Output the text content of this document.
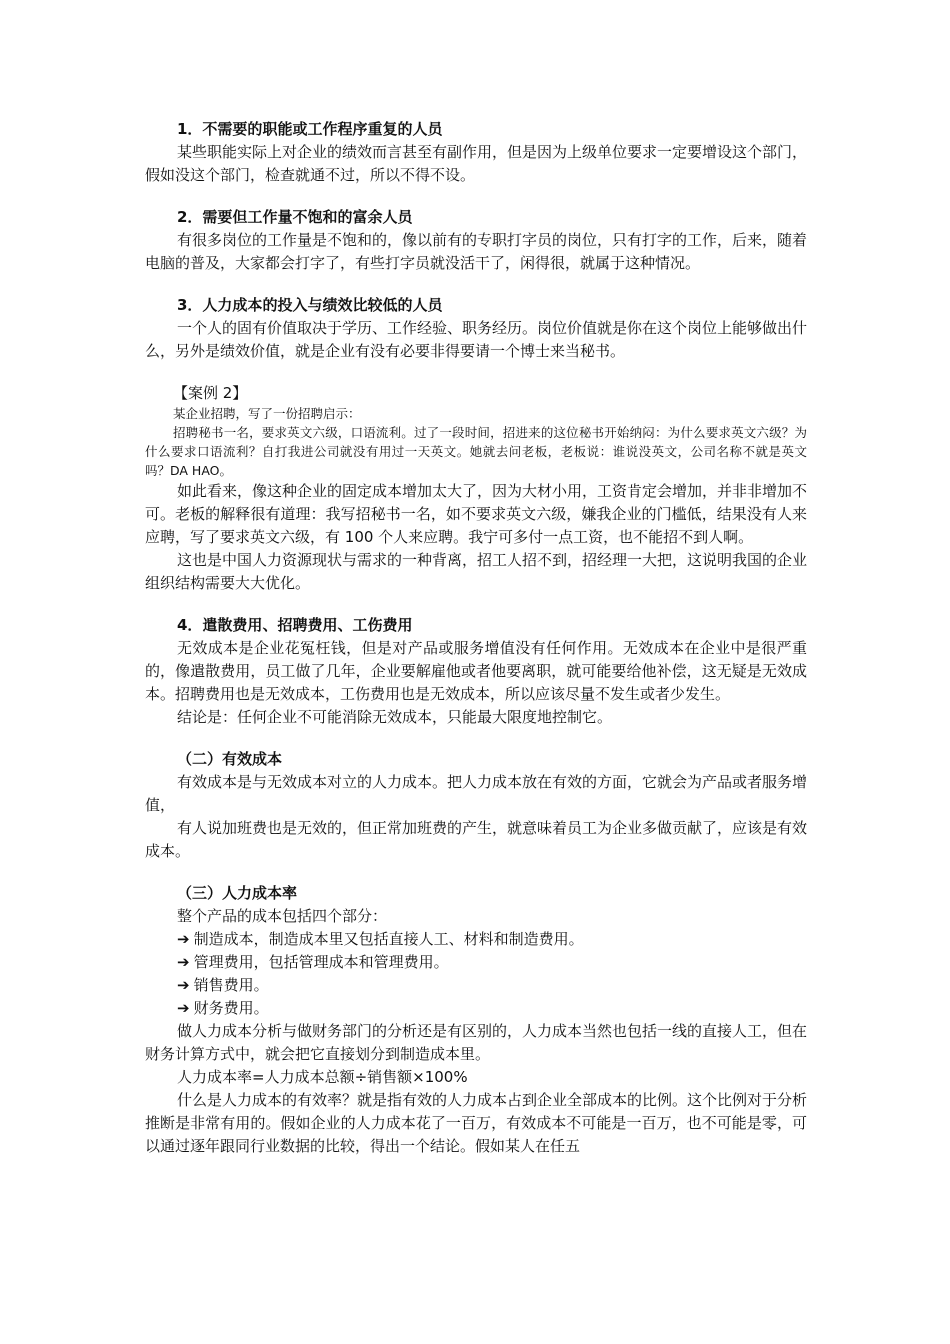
1．不需要的职能或工作程序重复的人员

某些职能实际上对企业的绩效而言甚至有副作用，但是因为上级单位要求一定要增设这个部门，假如没这个部门，检查就通不过，所以不得不设。

2．需要但工作量不饱和的富余人员

有很多岗位的工作量是不饱和的，像以前有的专职打字员的岗位，只有打字的工作，后来，随着电脑的普及，大家都会打字了，有些打字员就没活干了，闲得很，就属于这种情况。

3．人力成本的投入与绩效比较低的人员

一个人的固有价值取决于学历、工作经验、职务经历。岗位价值就是你在这个岗位上能够做出什么，另外是绩效价值，就是企业有没有必要非得要请一个博士来当秘书。

【案例 2】

某企业招聘，写了一份招聘启示：

招聘秘书一名，要求英文六级，口语流利。过了一段时间，招进来的这位秘书开始纳闷：为什么要求英文六级？为什么要求口语流利？自打我进公司就没有用过一天英文。她就去问老板，老板说：谁说没英文，公司名称不就是英文吗？DA HAO。

如此看来，像这种企业的固定成本增加太大了，因为大材小用，工资肯定会增加，并非非增加不可。老板的解释很有道理：我写招秘书一名，如不要求英文六级，嫌我企业的门槛低，结果没有人来应聘，写了要求英文六级，有 100 个人来应聘。我宁可多付一点工资，也不能招不到人啊。

这也是中国人力资源现状与需求的一种背离，招工人招不到，招经理一大把，这说明我国的企业组织结构需要大大优化。

4．遣散费用、招聘费用、工伤费用

无效成本是企业花冤枉钱，但是对产品或服务增值没有任何作用。无效成本在企业中是很严重的，像遣散费用，员工做了几年，企业要解雇他或者他要离职，就可能要给他补偿，这无疑是无效成本。招聘费用也是无效成本，工伤费用也是无效成本，所以应该尽量不发生或者少发生。

结论是：任何企业不可能消除无效成本，只能最大限度地控制它。

（二）有效成本

有效成本是与无效成本对立的人力成本。把人力成本放在有效的方面，它就会为产品或者服务增值，

有人说加班费也是无效的，但正常加班费的产生，就意味着员工为企业多做贡献了，应该是有效成本。

（三）人力成本率

整个产品的成本包括四个部分：

➔ 制造成本，制造成本里又包括直接人工、材料和制造费用。
➔ 管理费用，包括管理成本和管理费用。
➔ 销售费用。
➔ 财务费用。

做人力成本分析与做财务部门的分析还是有区别的，人力成本当然也包括一线的直接人工，但在财务计算方式中，就会把它直接划分到制造成本里。

人力成本率=人力成本总额÷销售额×100%

什么是人力成本的有效率？就是指有效的人力成本占到企业全部成本的比例。这个比例对于分析推断是非常有用的。假如企业的人力成本花了一百万，有效成本不可能是一百万，也不可能是零，可以通过逐年跟同行业数据的比较，得出一个结论。假如某人在任五
